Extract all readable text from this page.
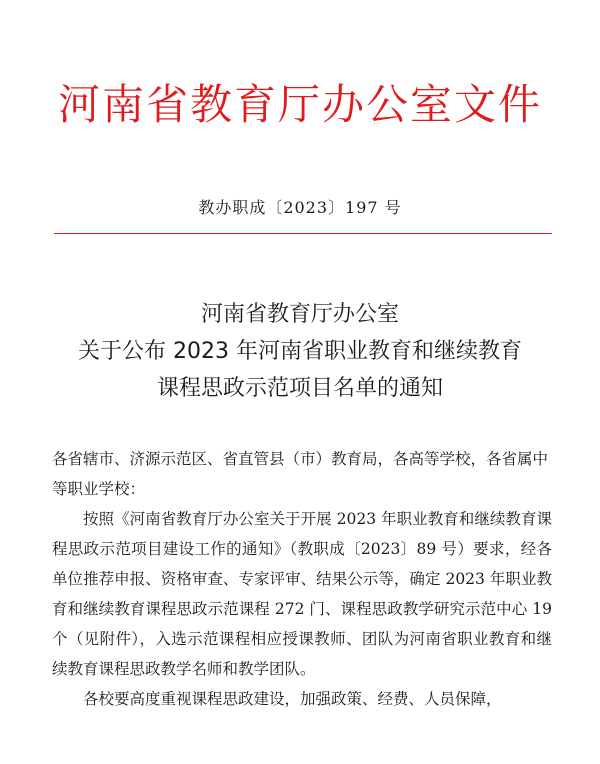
河南省教育厅办公室文件
教办职成〔2023〕197 号
河南省教育厅办公室
关于公布 2023 年河南省职业教育和继续教育
课程思政示范项目名单的通知

各省辖市、济源示范区、省直管县（市）教育局，各高等学校，各省属中等职业学校：

按照《河南省教育厅办公室关于开展 2023 年职业教育和继续教育课程思政示范项目建设工作的通知》（教职成〔2023〕89 号）要求，经各单位推荐申报、资格审查、专家评审、结果公示等，确定 2023 年职业教育和继续教育课程思政示范课程 272 门、课程思政教学研究示范中心 19 个（见附件），入选示范课程相应授课教师、团队为河南省职业教育和继续教育课程思政教学名师和教学团队。

各校要高度重视课程思政建设，加强政策、经费、人员保障，
